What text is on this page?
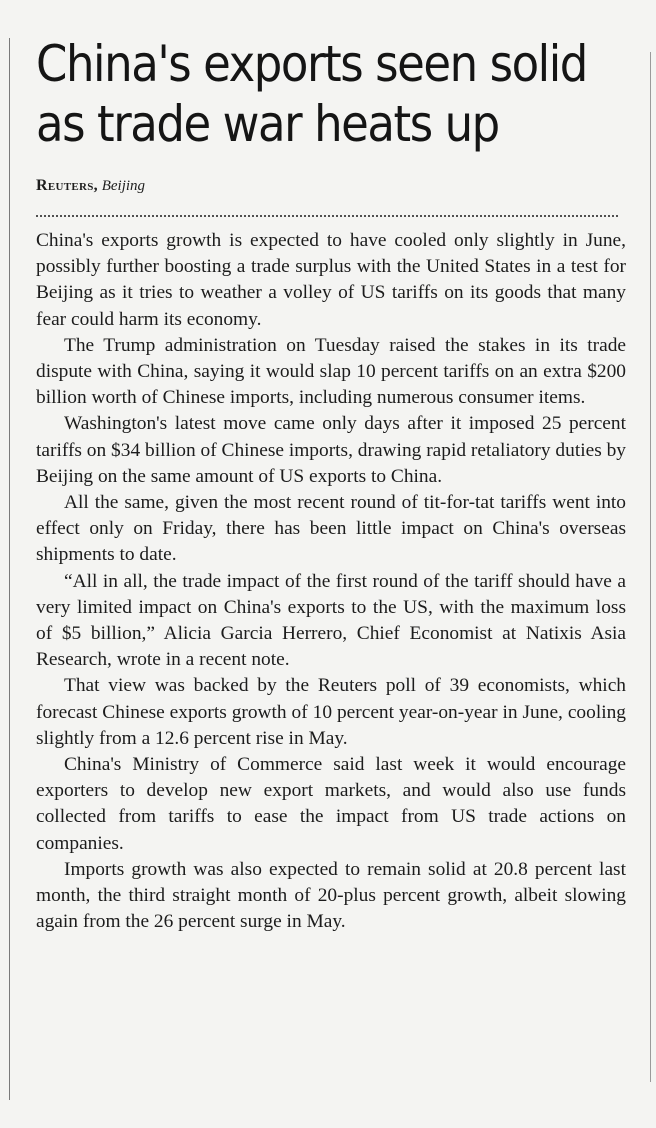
China's exports seen solid
as trade war heats up
Reuters, Beijing

China's exports growth is expected to have cooled only slightly in June, possibly further boosting a trade surplus with the United States in a test for Beijing as it tries to weather a volley of US tariffs on its goods that many fear could harm its economy.

The Trump administration on Tuesday raised the stakes in its trade dispute with China, saying it would slap 10 percent tariffs on an extra $200 billion worth of Chinese imports, including numerous consumer items.

Washington's latest move came only days after it imposed 25 percent tariffs on $34 billion of Chinese imports, drawing rapid retaliatory duties by Beijing on the same amount of US exports to China.

All the same, given the most recent round of tit-for-tat tariffs went into effect only on Friday, there has been little impact on China's overseas shipments to date.

“All in all, the trade impact of the first round of the tariff should have a very limited impact on China's exports to the US, with the maximum loss of $5 billion,” Alicia Garcia Herrero, Chief Economist at Natixis Asia Research, wrote in a recent note.

That view was backed by the Reuters poll of 39 economists, which forecast Chinese exports growth of 10 percent year-on-year in June, cooling slightly from a 12.6 percent rise in May.

China's Ministry of Commerce said last week it would encourage exporters to develop new export markets, and would also use funds collected from tariffs to ease the impact from US trade actions on companies.

Imports growth was also expected to remain solid at 20.8 percent last month, the third straight month of 20-plus percent growth, albeit slowing again from the 26 percent surge in May.
